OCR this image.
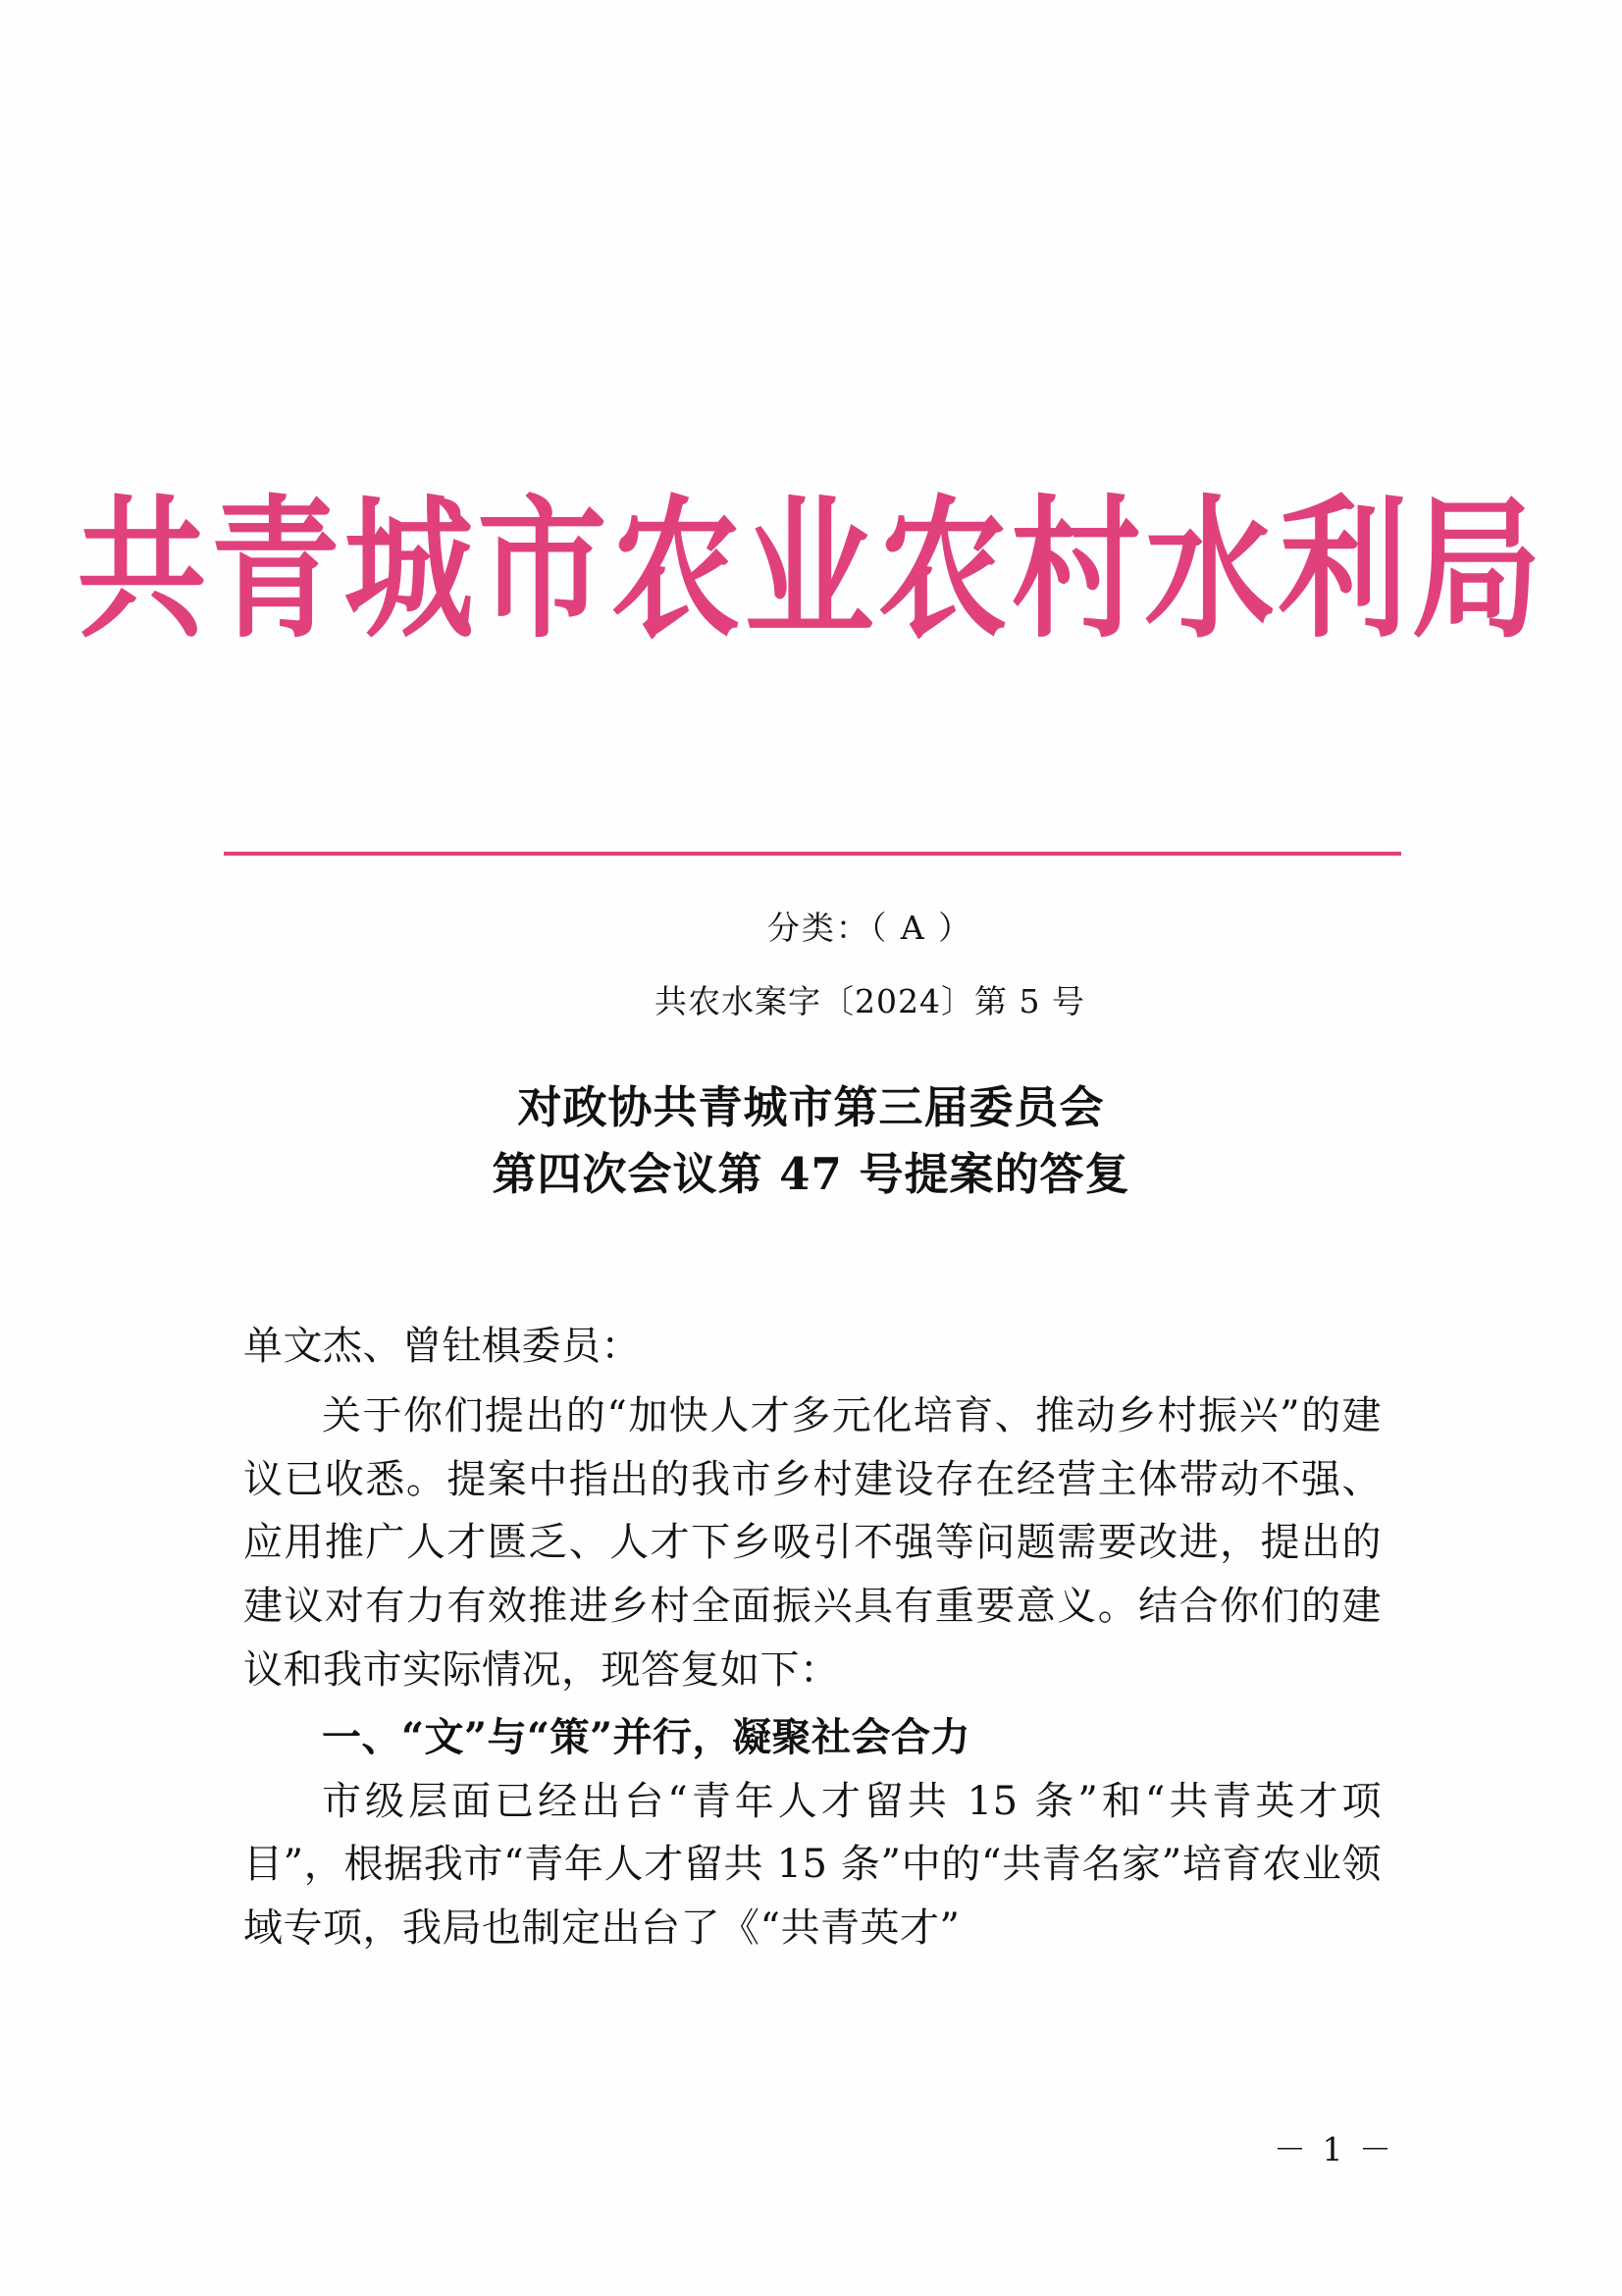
共青城市农业农村水利局
分类：（ A ）
共农水案字〔2024〕第 5 号
对政协共青城市第三届委员会
第四次会议第 47 号提案的答复

单文杰、曾钍椇委员：

关于你们提出的“加快人才多元化培育、推动乡村振兴”的建议已收悉。提案中指出的我市乡村建设存在经营主体带动不强、应用推广人才匮乏、人才下乡吸引不强等问题需要改进，提出的建议对有力有效推进乡村全面振兴具有重要意义。结合你们的建议和我市实际情况，现答复如下：

一、“文”与“策”并行，凝聚社会合力

市级层面已经出台“青年人才留共 15 条”和“共青英才项目”，根据我市“青年人才留共 15 条”中的“共青名家”培育农业领域专项，我局也制定出台了《“共青英才”

－ 1 －
